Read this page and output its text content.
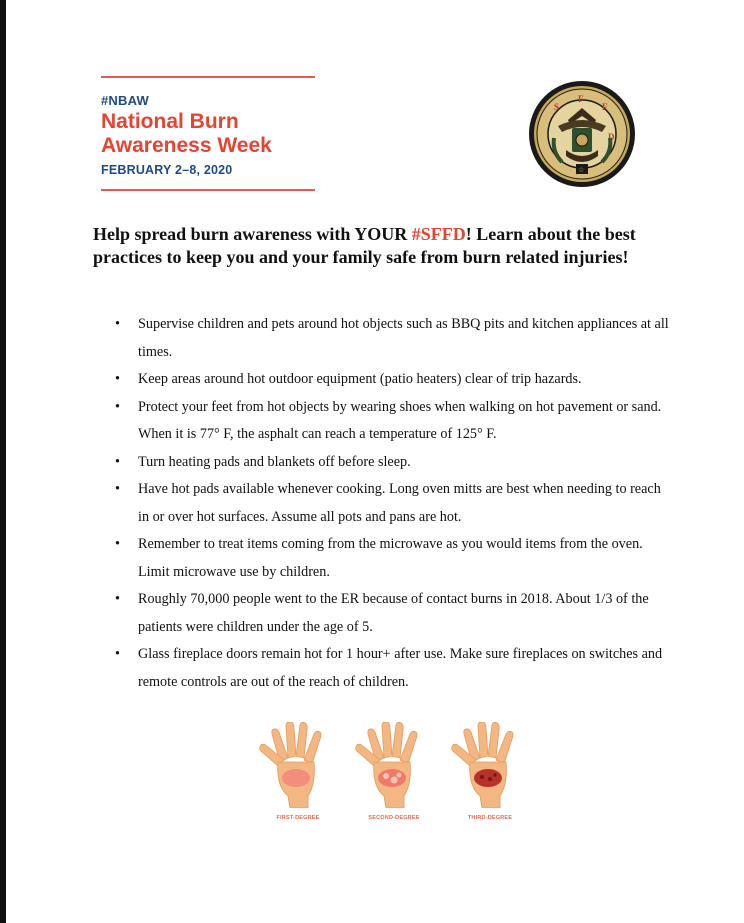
#NBAW
National Burn
Awareness Week
FEBRUARY 2–8, 2020
S
F
F
D
☆
Help spread burn awareness with YOUR #SFFD! Learn about the best practices to keep you and your family safe from burn related injuries!
• Supervise children and pets around hot objects such as BBQ pits and kitchen appliances at all times.
• Keep areas around hot outdoor equipment (patio heaters) clear of trip hazards.
• Protect your feet from hot objects by wearing shoes when walking on hot pavement or sand. When it is 77° F, the asphalt can reach a temperature of 125° F.
• Turn heating pads and blankets off before sleep.
• Have hot pads available whenever cooking. Long oven mitts are best when needing to reach in or over hot surfaces. Assume all pots and pans are hot.
• Remember to treat items coming from the microwave as you would items from the oven. Limit microwave use by children.
• Roughly 70,000 people went to the ER because of contact burns in 2018. About 1/3 of the patients were children under the age of 5.
• Glass fireplace doors remain hot for 1 hour+ after use. Make sure fireplaces on switches and remote controls are out of the reach of children.
FIRST-DEGREE	SECOND-DEGREE	THIRD-DEGREE
